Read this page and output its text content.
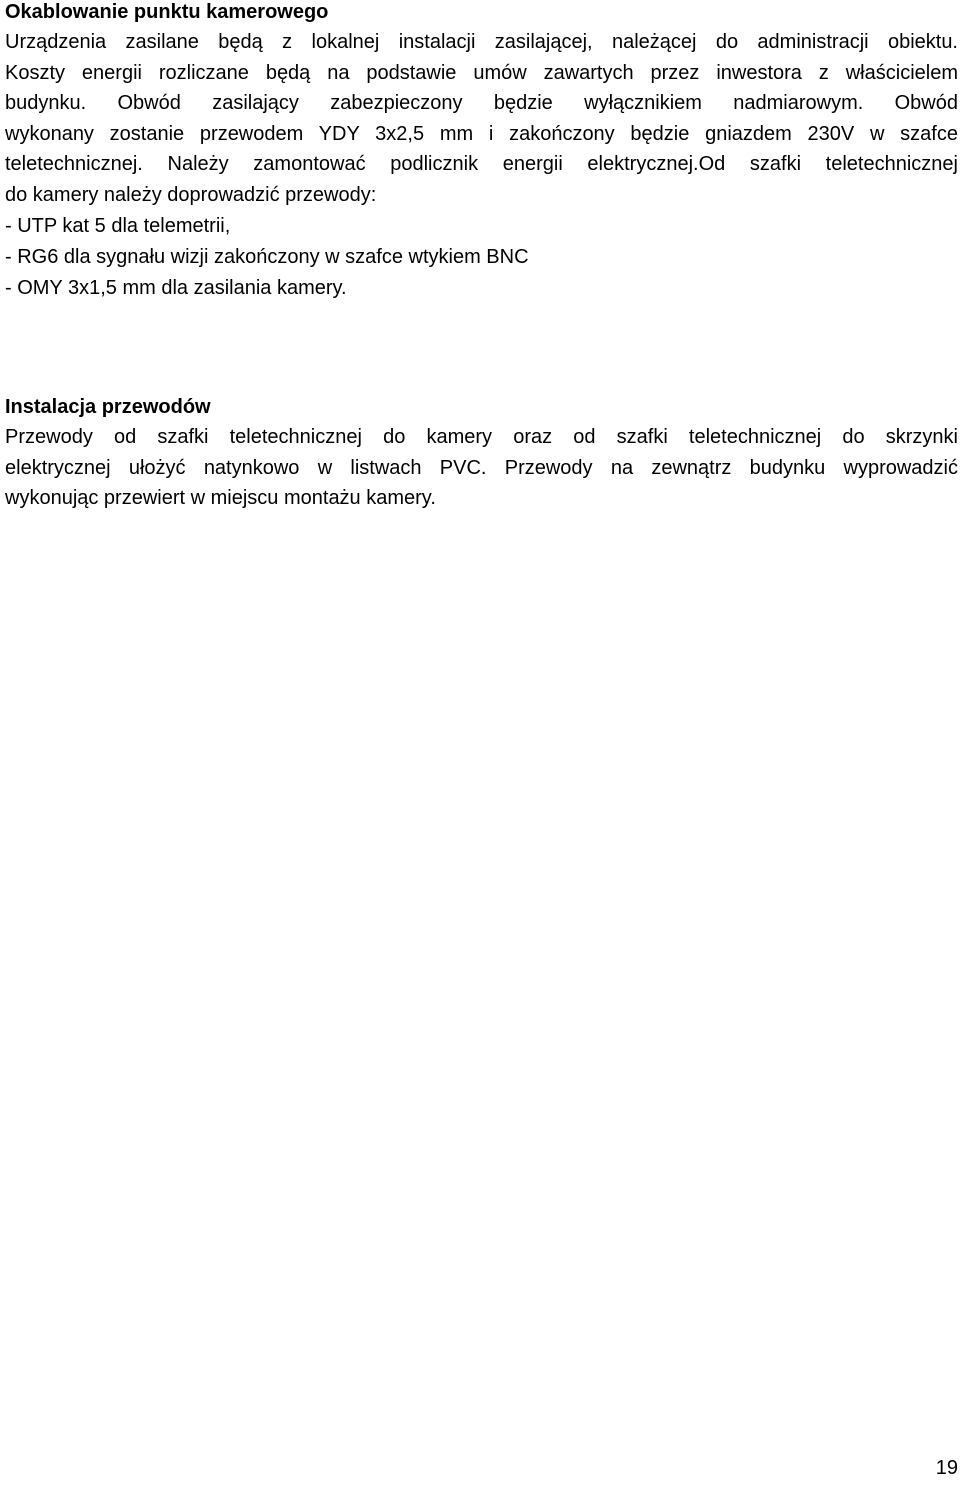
Okablowanie punktu kamerowego
Urządzenia zasilane będą z lokalnej instalacji zasilającej, należącej do administracji obiektu.
Koszty energii rozliczane będą na podstawie umów zawartych przez inwestora z właścicielem
budynku. Obwód zasilający zabezpieczony będzie wyłącznikiem nadmiarowym. Obwód
wykonany zostanie przewodem YDY 3x2,5 mm i zakończony będzie gniazdem 230V w szafce
teletechnicznej. Należy zamontować podlicznik energii elektrycznej.Od szafki teletechnicznej
do kamery należy doprowadzić przewody:
- UTP kat 5 dla telemetrii,
- RG6 dla sygnału wizji zakończony w szafce wtykiem BNC
- OMY 3x1,5 mm dla zasilania kamery.
Instalacja przewodów
Przewody od szafki teletechnicznej do kamery oraz od szafki teletechnicznej do skrzynki
elektrycznej ułożyć natynkowo w listwach PVC. Przewody na zewnątrz budynku wyprowadzić
wykonując przewiert w miejscu montażu kamery.
19
